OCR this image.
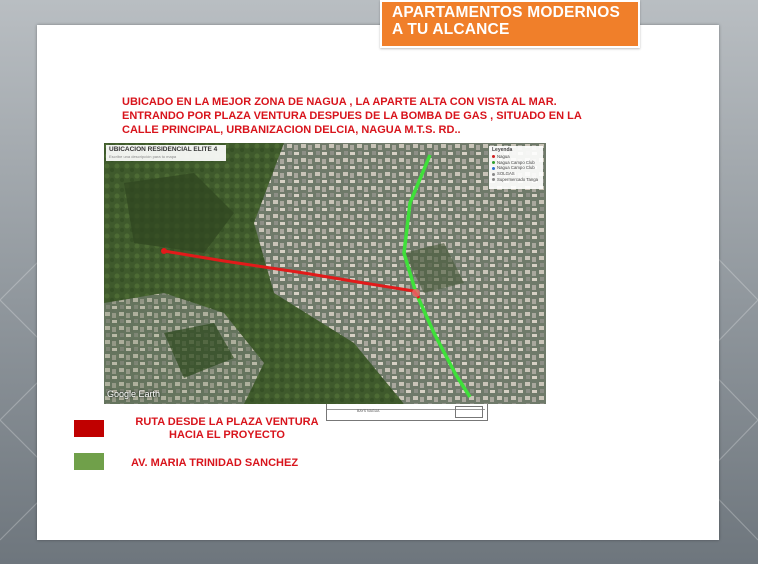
APARTAMENTOS MODERNOS
A TU ALCANCE
UBICADO EN LA MEJOR ZONA DE NAGUA , LA APARTE ALTA CON VISTA AL MAR.
ENTRANDO POR PLAZA VENTURA DESPUES DE LA BOMBA DE GAS , SITUADO EN LA
CALLE PRINCIPAL, URBANIZACION DELCIA, NAGUA M.T.S. RD..
UBICACION RESIDENCIAL ELITE 4
Escribe una descripción para tu mapa
Leyenda
Nagua
Nagua Campo Club
Nagua Campo Club
SOLGAS
Supermercado Tanga
Google Earth
BAYS NAGUA
RUTA DESDE LA PLAZA VENTURA
HACIA EL PROYECTO
AV. MARIA TRINIDAD SANCHEZ
